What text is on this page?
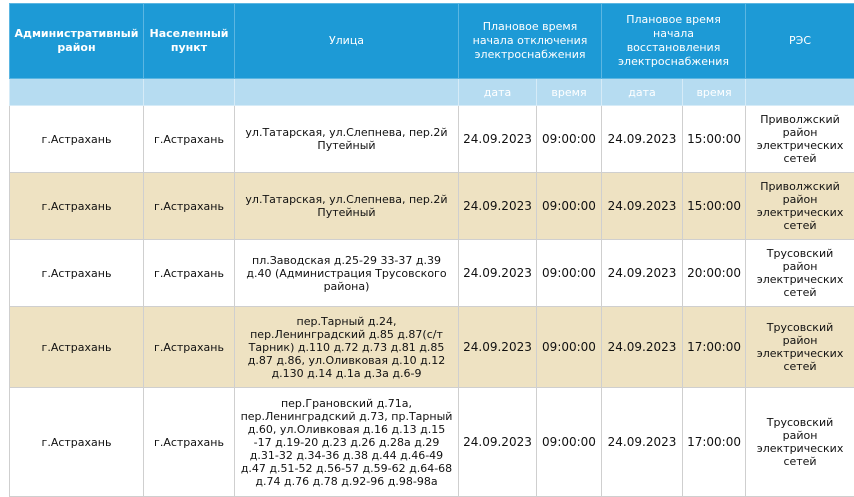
Административный район	Населенный пункт	Улица	Плановое время начала отключения электроснабжения		Плановое время начала восстановления электроснабжения		РЭС
			дата	время	дата	время	
г.Астрахань	г.Астрахань	ул.Татарская, ул.Слепнева, пер.2й Путейный	24.09.2023	09:00:00	24.09.2023	15:00:00	Приволжский район электрических сетей
г.Астрахань	г.Астрахань	ул.Татарская, ул.Слепнева, пер.2й Путейный	24.09.2023	09:00:00	24.09.2023	15:00:00	Приволжский район электрических сетей
г.Астрахань	г.Астрахань	пл.Заводская д.25-29 33-37 д.39 д.40 (Администрация Трусовского района)	24.09.2023	09:00:00	24.09.2023	20:00:00	Трусовский район электрических сетей
г.Астрахань	г.Астрахань	пер.Тарный д.24, пер.Ленинградский д.85 д.87(с/т Тарник) д.110 д.72 д.73 д.81 д.85 д.87 д.86, ул.Оливковая д.10 д.12 д.130 д.14 д.1а д.3а д.6-9	24.09.2023	09:00:00	24.09.2023	17:00:00	Трусовский район электрических сетей
г.Астрахань	г.Астрахань	пер.Грановский д.71а, пер.Ленинградский д.73, пр.Тарный д.60, ул.Оливковая д.16 д.13 д.15 -17 д.19-20 д.23 д.26 д.28а д.29 д.31-32 д.34-36 д.38 д.44 д.46-49 д.47 д.51-52 д.56-57 д.59-62 д.64-68 д.74 д.76 д.78 д.92-96 д.98-98а	24.09.2023	09:00:00	24.09.2023	17:00:00	Трусовский район электрических сетей
